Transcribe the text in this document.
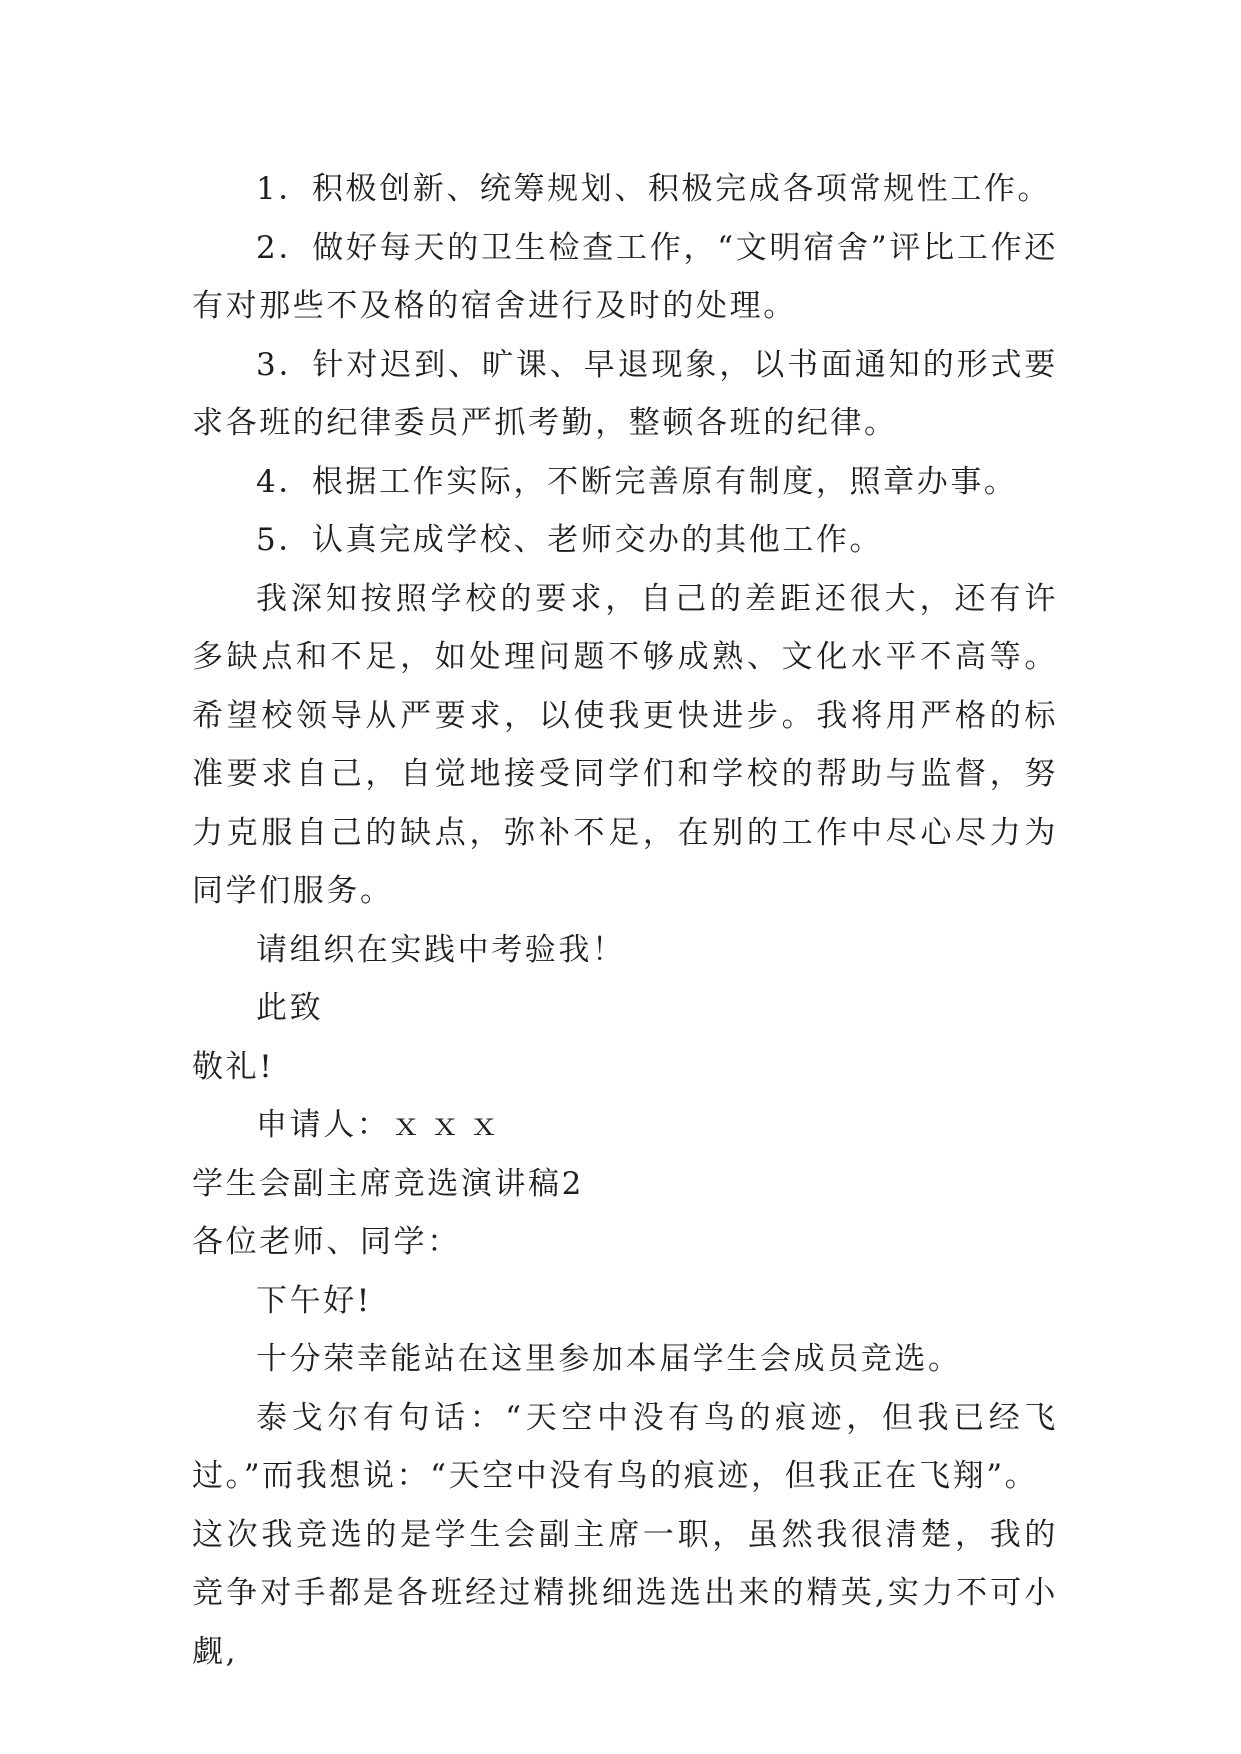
1．积极创新、统筹规划、积极完成各项常规性工作。

2．做好每天的卫生检查工作，“文明宿舍”评比工作还有对那些不及格的宿舍进行及时的处理。

3．针对迟到、旷课、早退现象，以书面通知的形式要求各班的纪律委员严抓考勤，整顿各班的纪律。

4．根据工作实际，不断完善原有制度，照章办事。

5．认真完成学校、老师交办的其他工作。

我深知按照学校的要求，自己的差距还很大，还有许多缺点和不足，如处理问题不够成熟、文化水平不高等。希望校领导从严要求，以使我更快进步。我将用严格的标准要求自己，自觉地接受同学们和学校的帮助与监督，努力克服自己的缺点，弥补不足，在别的工作中尽心尽力为同学们服务。

请组织在实践中考验我！

此致

敬礼!

申请人：ｘｘｘ

学生会副主席竞选演讲稿2

各位老师、同学：

下午好!

十分荣幸能站在这里参加本届学生会成员竞选。

泰戈尔有句话：“天空中没有鸟的痕迹，但我已经飞过。”而我想说：“天空中没有鸟的痕迹，但我正在飞翔”。

这次我竞选的是学生会副主席一职，虽然我很清楚，我的竞争对手都是各班经过精挑细选选出来的精英,实力不可小觑,
